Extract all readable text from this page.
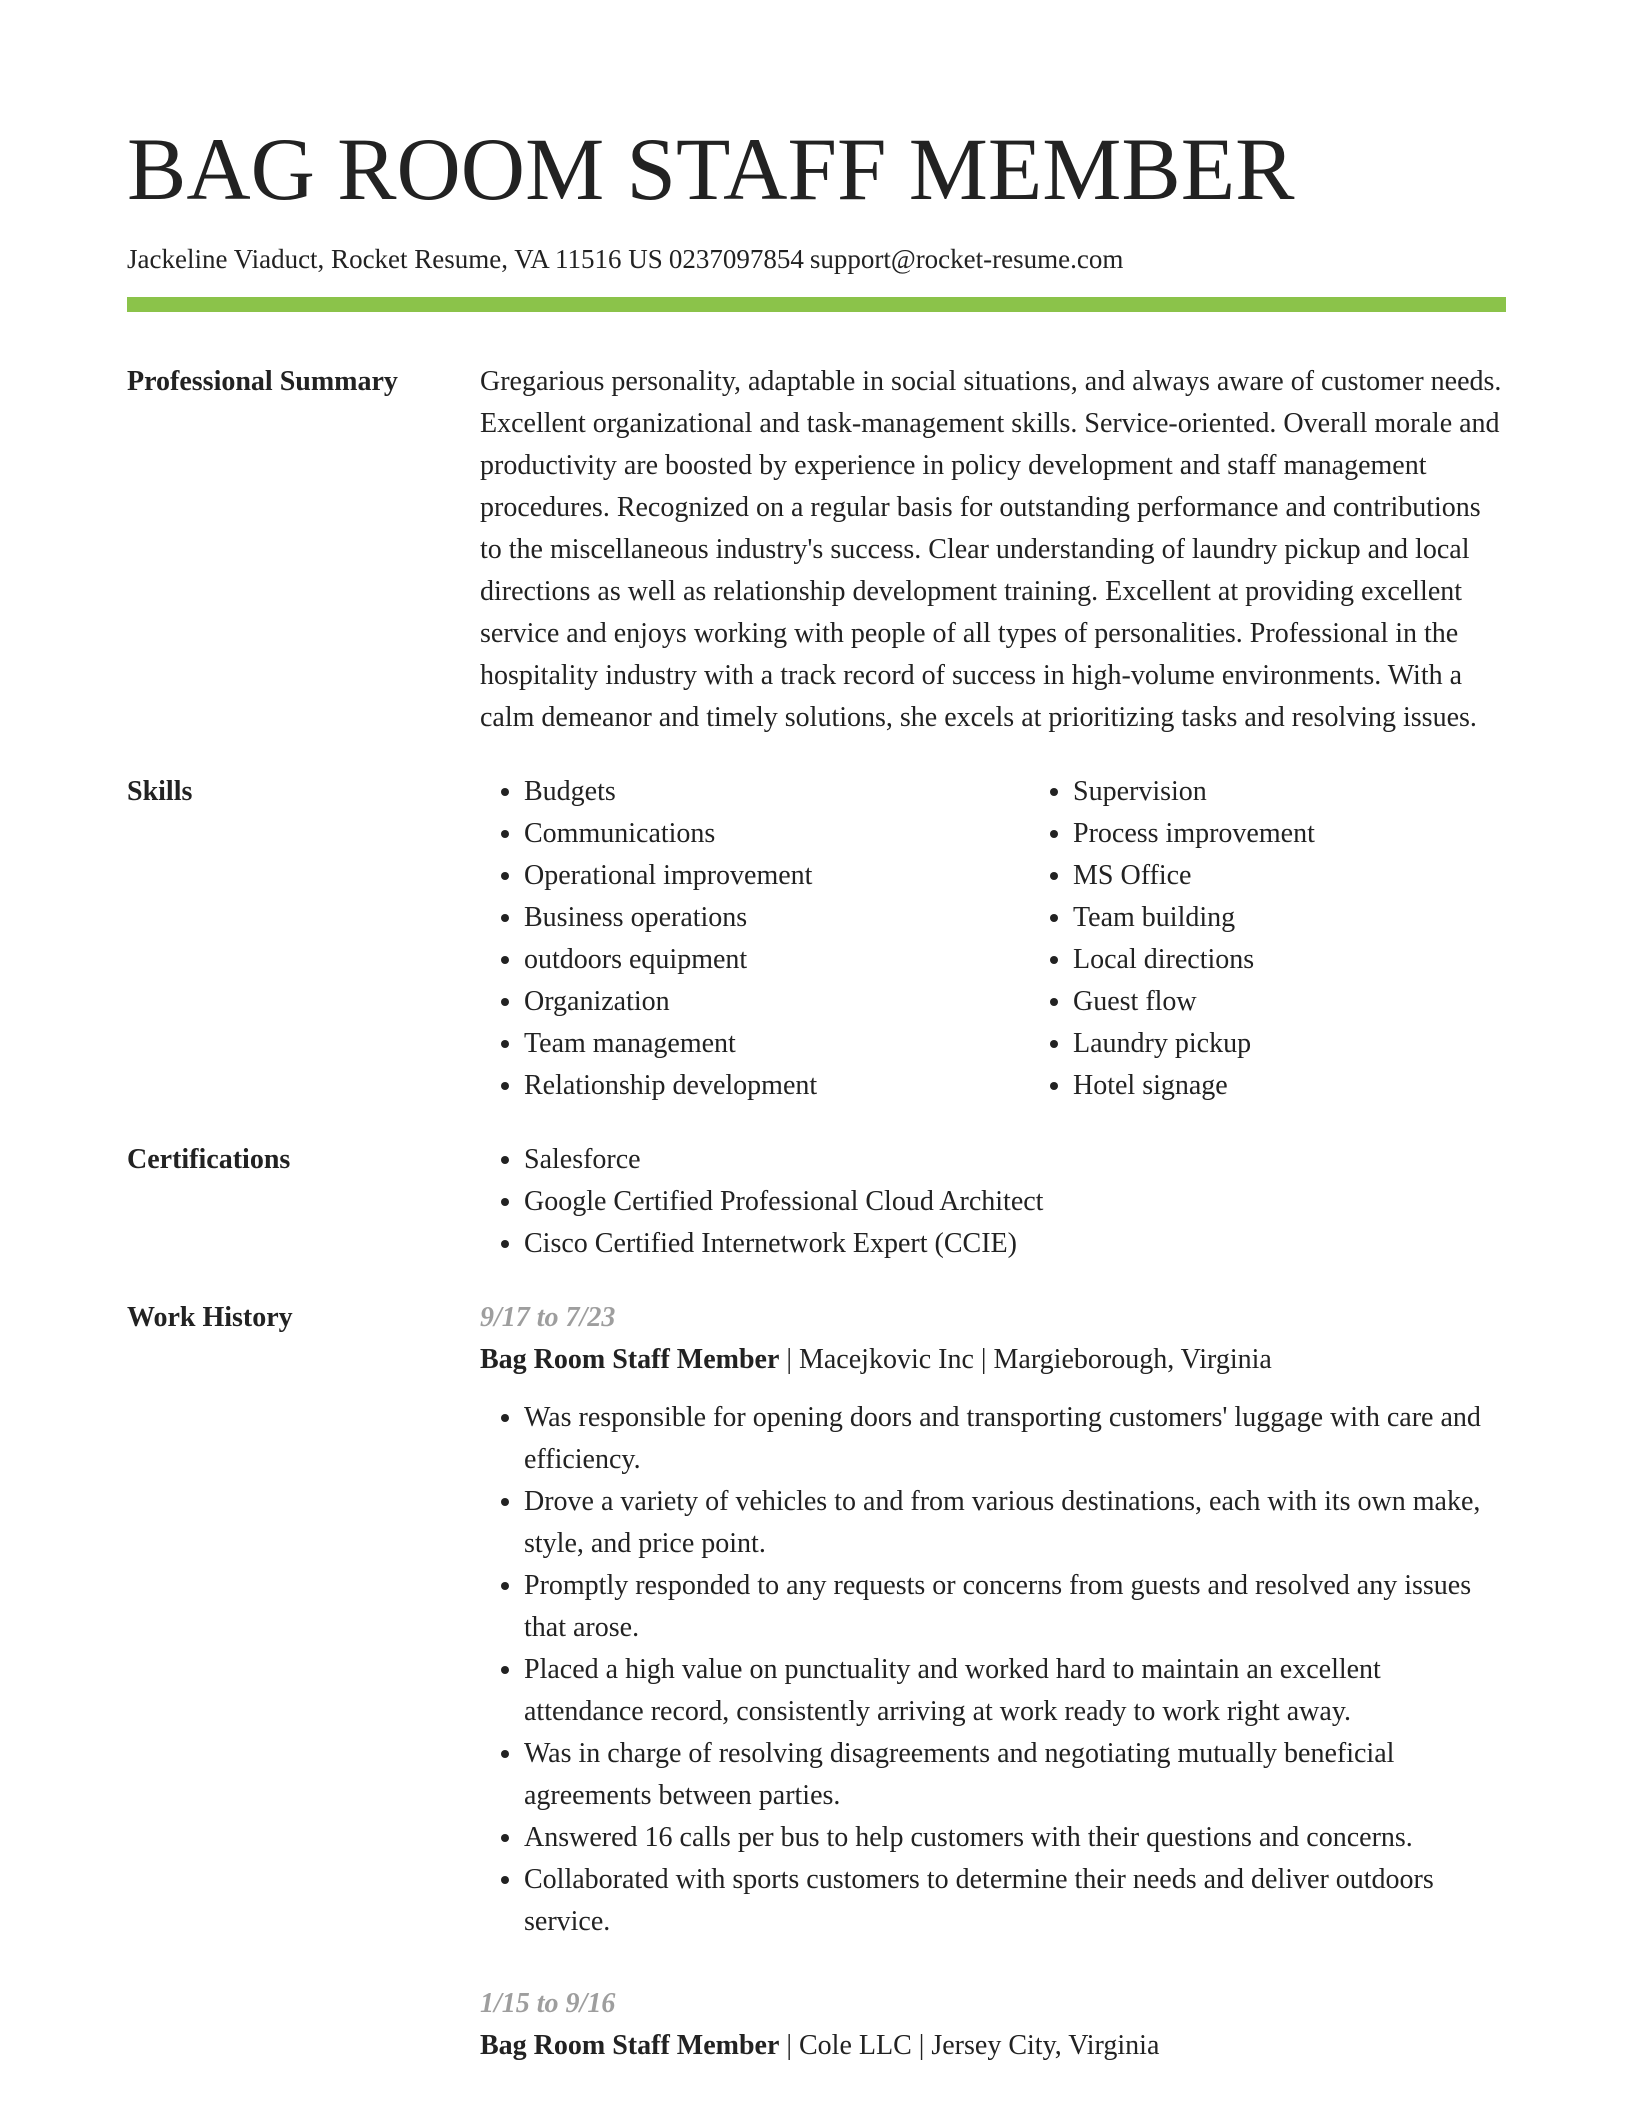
BAG ROOM STAFF MEMBER
Jackeline Viaduct, Rocket Resume, VA 11516 US 0237097854 support@rocket-resume.com
Professional Summary	Gregarious personality, adaptable in social situations, and always aware of customer needs. Excellent organizational and task-management skills. Service-oriented. Overall morale and productivity are boosted by experience in policy development and staff management procedures. Recognized on a regular basis for outstanding performance and contributions to the miscellaneous industry's success. Clear understanding of laundry pickup and local directions as well as relationship development training. Excellent at providing excellent service and enjoys working with people of all types of personalities. Professional in the hospitality industry with a track record of success in high-volume environments. With a calm demeanor and timely solutions, she excels at prioritizing tasks and resolving issues.

Skills	• Budgets
• Communications
• Operational improvement
• Business operations
• outdoors equipment
• Organization
• Team management
• Relationship development
• Supervision
• Process improvement
• MS Office
• Team building
• Local directions
• Guest flow
• Laundry pickup
• Hotel signage
Certifications	• Salesforce
• Google Certified Professional Cloud Architect
• Cisco Certified Internetwork Expert (CCIE)
Work History	9/17 to 7/23
Bag Room Staff Member | Macejkovic Inc | Margieborough, Virginia
• Was responsible for opening doors and transporting customers' luggage with care and efficiency.
• Drove a variety of vehicles to and from various destinations, each with its own make, style, and price point.
• Promptly responded to any requests or concerns from guests and resolved any issues that arose.
• Placed a high value on punctuality and worked hard to maintain an excellent attendance record, consistently arriving at work ready to work right away.
• Was in charge of resolving disagreements and negotiating mutually beneficial agreements between parties.
• Answered 16 calls per bus to help customers with their questions and concerns.
• Collaborated with sports customers to determine their needs and deliver outdoors service.
1/15 to 9/16
Bag Room Staff Member | Cole LLC | Jersey City, Virginia
